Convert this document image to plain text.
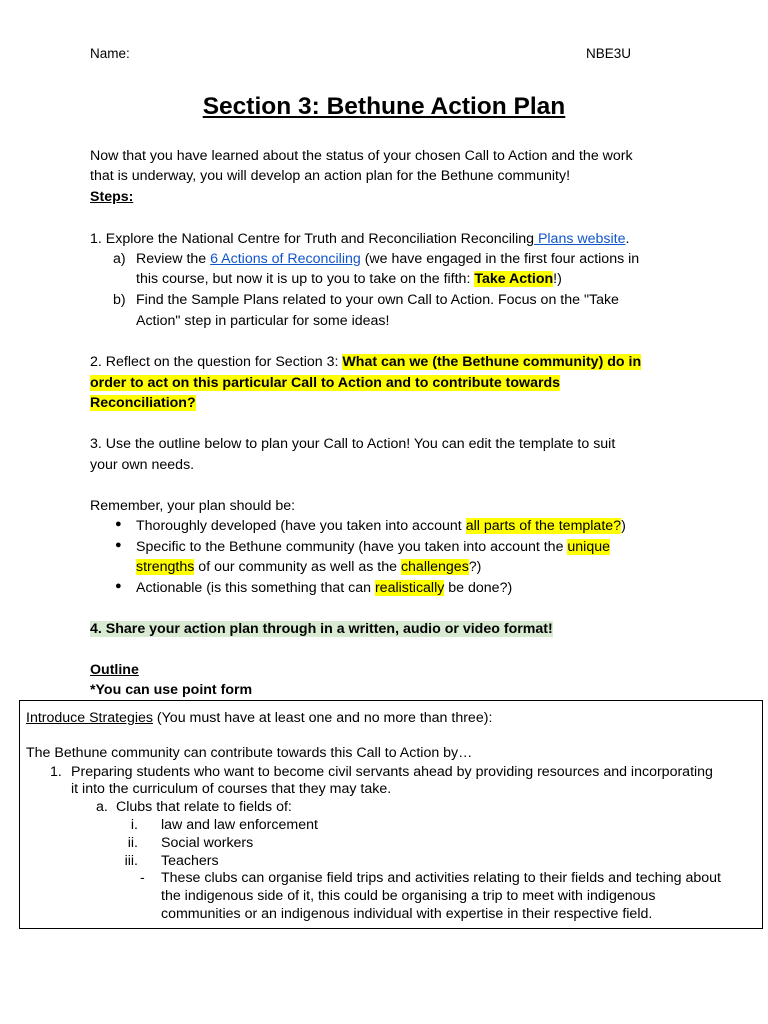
Name:	NBE3U
Section 3: Bethune Action Plan
Now that you have learned about the status of your chosen Call to Action and the work
that is underway, you will develop an action plan for the Bethune community!
Steps:
1. Explore the National Centre for Truth and Reconciliation Reconciling Plans website.
a) Review the 6 Actions of Reconciling (we have engaged in the first four actions in
this course, but now it is up to you to take on the fifth: Take Action!)
b) Find the Sample Plans related to your own Call to Action. Focus on the "Take
Action" step in particular for some ideas!
2. Reflect on the question for Section 3: What can we (the Bethune community) do in
order to act on this particular Call to Action and to contribute towards
Reconciliation?
3. Use the outline below to plan your Call to Action! You can edit the template to suit
your own needs.
Remember, your plan should be:
● Thoroughly developed (have you taken into account all parts of the template?)
● Specific to the Bethune community (have you taken into account the unique
strengths of our community as well as the challenges?)
● Actionable (is this something that can realistically be done?)
4. Share your action plan through in a written, audio or video format!
Outline
*You can use point form
Introduce Strategies (You must have at least one and no more than three):
The Bethune community can contribute towards this Call to Action by…
1. Preparing students who want to become civil servants ahead by providing resources and incorporating
it into the curriculum of courses that they may take.
a. Clubs that relate to fields of:
i. law and law enforcement
ii. Social workers
iii. Teachers
- These clubs can organise field trips and activities relating to their fields and teching about
the indigenous side of it, this could be organising a trip to meet with indigenous
communities or an indigenous individual with expertise in their respective field.
